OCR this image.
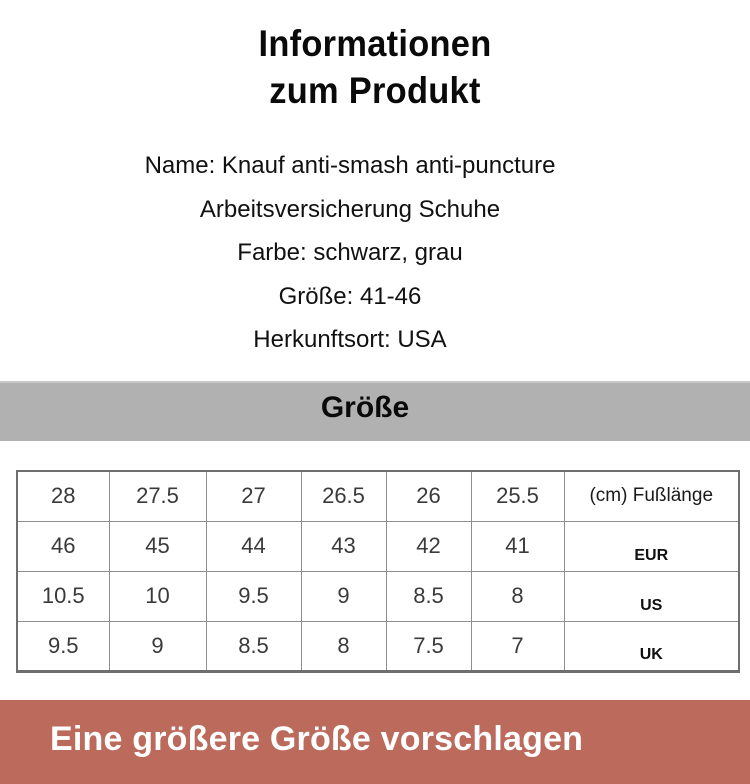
Informationen
zum Produkt
Name: Knauf anti-smash anti-puncture
Arbeitsversicherung Schuhe
Farbe: schwarz, grau
Größe: 41-46
Herkunftsort: USA
Größe
28	27.5	27	26.5	26	25.5	(cm) Fußlänge
46	45	44	43	42	41	EUR
10.5	10	9.5	9	8.5	8	US
9.5	9	8.5	8	7.5	7	UK
Eine größere Größe vorschlagen
